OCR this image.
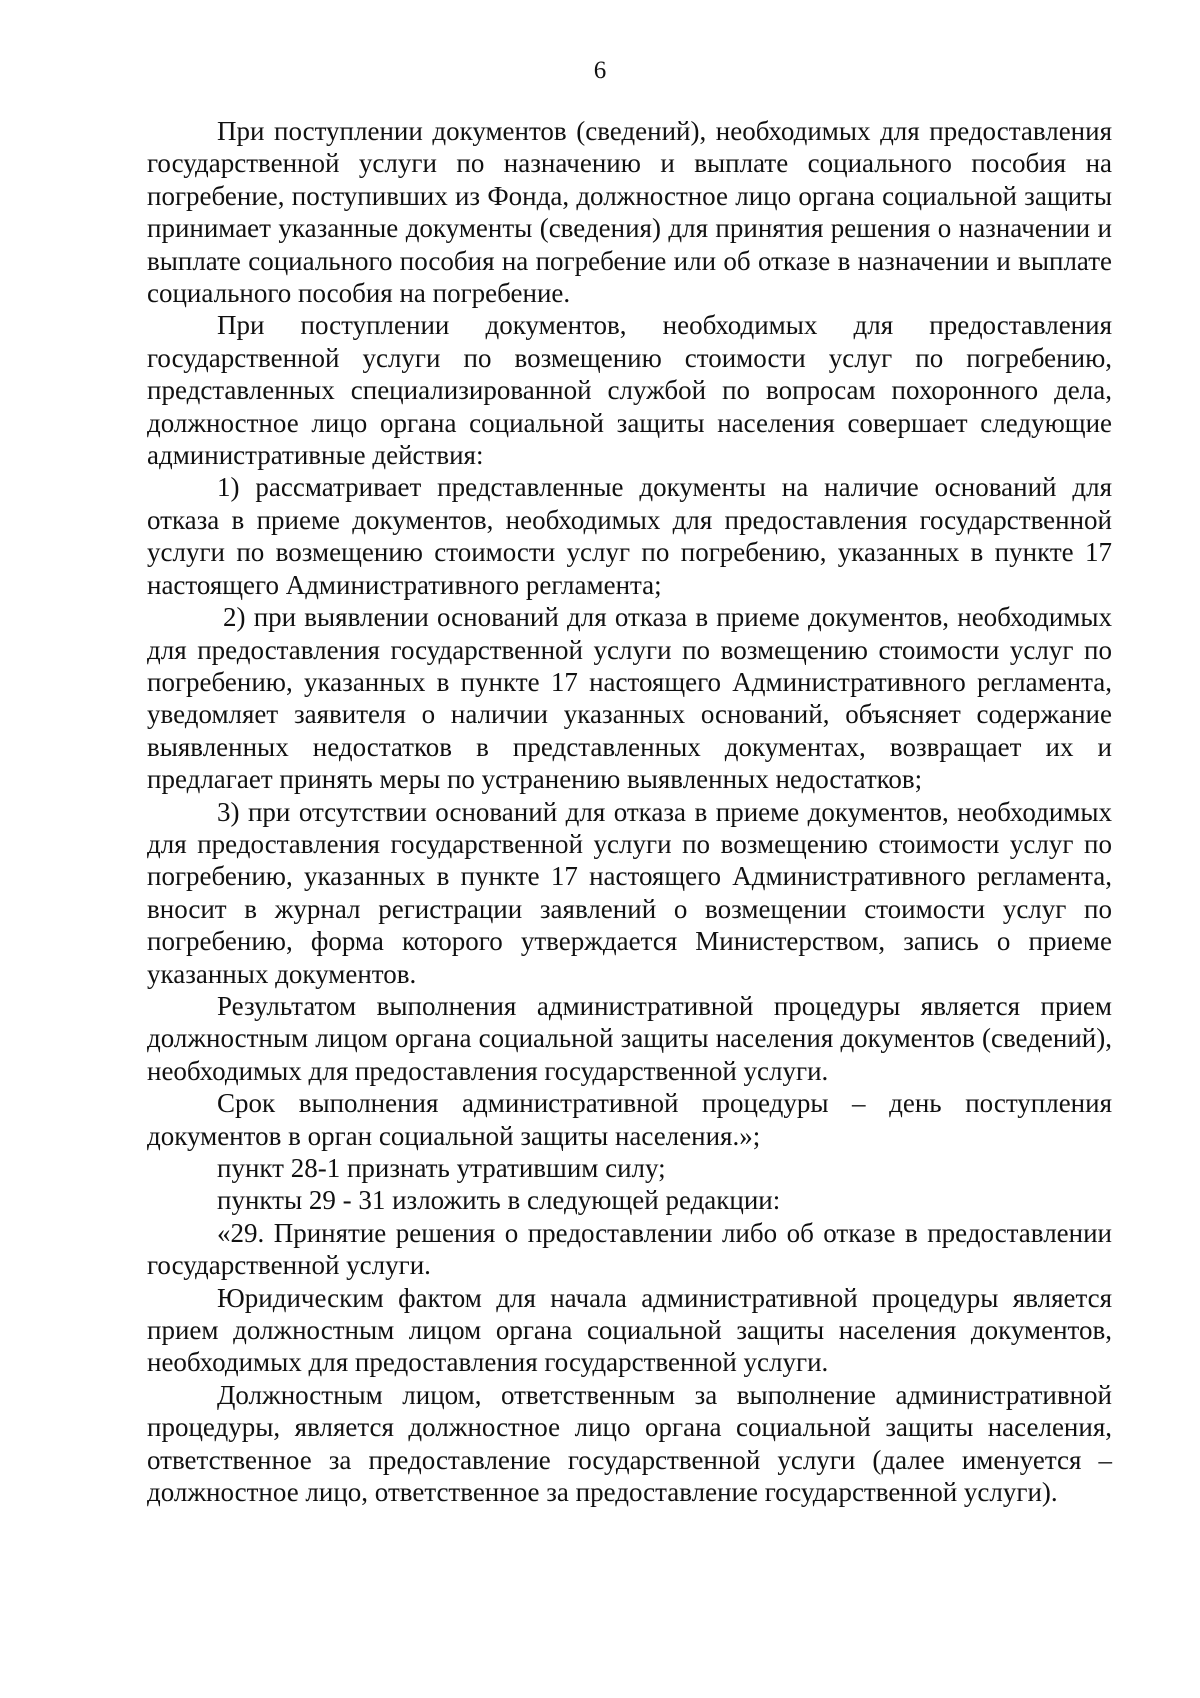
6

При поступлении документов (сведений), необходимых для предоставления государственной услуги по назначению и выплате социального пособия на погребение, поступивших из Фонда, должностное лицо органа социальной защиты принимает указанные документы (сведения) для принятия решения о назначении и выплате социального пособия на погребение или об отказе в назначении и выплате социального пособия на погребение.

При поступлении документов, необходимых для предоставления государственной услуги по возмещению стоимости услуг по погребению, представленных специализированной службой по вопросам похоронного дела, должностное лицо органа социальной защиты населения совершает следующие административные действия:

1) рассматривает представленные документы на наличие оснований для отказа в приеме документов, необходимых для предоставления государственной услуги по возмещению стоимости услуг по погребению, указанных в пункте 17 настоящего Административного регламента;

2) при выявлении оснований для отказа в приеме документов, необходимых для предоставления государственной услуги по возмещению стоимости услуг по погребению, указанных в пункте 17 настоящего Административного регламента, уведомляет заявителя о наличии указанных оснований, объясняет содержание выявленных недостатков в представленных документах, возвращает их и предлагает принять меры по устранению выявленных недостатков;

3) при отсутствии оснований для отказа в приеме документов, необходимых для предоставления государственной услуги по возмещению стоимости услуг по погребению, указанных в пункте 17 настоящего Административного регламента, вносит в журнал регистрации заявлений о возмещении стоимости услуг по погребению, форма которого утверждается Министерством, запись о приеме указанных документов.

Результатом выполнения административной процедуры является прием должностным лицом органа социальной защиты населения документов (сведений), необходимых для предоставления государственной услуги.

Срок выполнения административной процедуры – день поступления документов в орган социальной защиты населения.»;

пункт 28-1 признать утратившим силу;

пункты 29 - 31 изложить в следующей редакции:

«29. Принятие решения о предоставлении либо об отказе в предоставлении государственной услуги.

Юридическим фактом для начала административной процедуры является прием должностным лицом органа социальной защиты населения документов, необходимых для предоставления государственной услуги.

Должностным лицом, ответственным за выполнение административной процедуры, является должностное лицо органа социальной защиты населения, ответственное за предоставление государственной услуги (далее именуется – должностное лицо, ответственное за предоставление государственной услуги).
